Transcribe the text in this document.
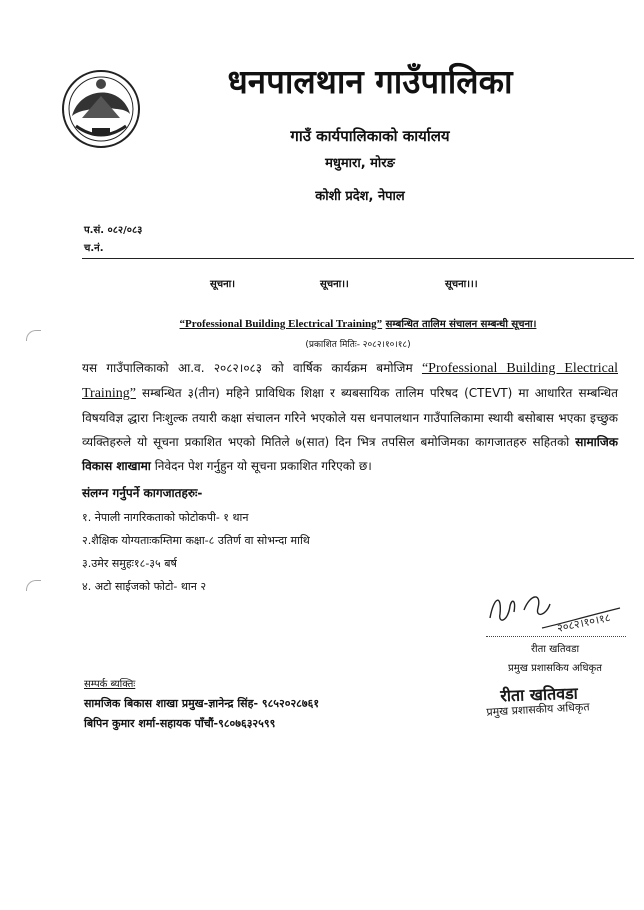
धनपालथान गाउँपालिका
गाउँ कार्यपालिकाको कार्यालय
मधुमारा, मोरङ
कोशी प्रदेश, नेपाल
प.सं. ०८२/०८३
च.नं.
सूचना।	सूचना।।	सूचना।।।
“Professional Building Electrical Training” सम्बन्धित तालिम संचालन सम्बन्धी सूचना।
(प्रकाशित मितिः- २०८२।१०।१८)
यस गाउँपालिकाको आ.व. २०८२।०८३ को वार्षिक कार्यक्रम बमोजिम “Professional Building Electrical Training” सम्बन्धित ३(तीन) महिने प्राविधिक शिक्षा र ब्यबसायिक तालिम परिषद (CTEVT) मा आधारित सम्बन्धित विषयविज्ञ द्धारा निःशुल्क तयारी कक्षा संचालन गरिने भएकोले यस धनपालथान गाउँपालिकामा स्थायी बसोबास भएका इच्छुक व्यक्तिहरुले यो सूचना प्रकाशित भएको मितिले ७(सात) दिन भित्र तपसिल बमोजिमका कागजातहरु सहितको सामाजिक विकास शाखामा निवेदन पेश गर्नुहुन यो सूचना प्रकाशित गरिएको छ।
संलग्न गर्नुपर्ने कागजातहरुः-
१. नेपाली नागरिकताको फोटोकपी- १ थान
२.शैक्षिक योग्यताःकम्तिमा कक्षा-८ उतिर्ण वा सोभन्दा माथि
३.उमेर समुहः१८-३५ बर्ष
४. अटो साईजको फोटो- थान २
२०८२।१०।१८
रीता खतिवडा
प्रमुख प्रशासकिय अधिकृत
रीता खतिवडा
प्रमुख प्रशासकीय अधिकृत
सम्पर्क ब्यक्तिः
सामजिक बिकास शाखा प्रमुख-ज्ञानेन्द्र सिंह- ९८५२०२८७६१
बिपिन कुमार शर्मा-सहायक पाँचौं-९८०७६३२५९९
